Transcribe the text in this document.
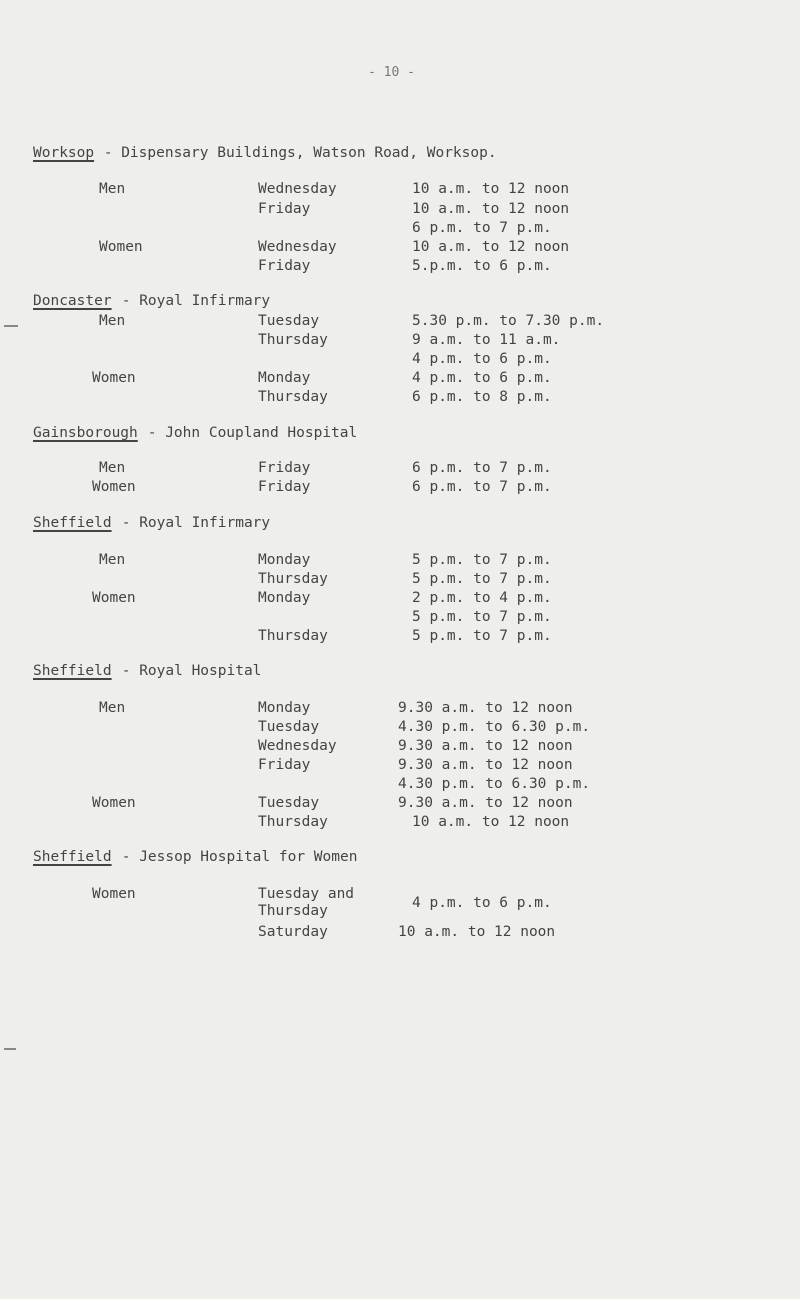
- 10 -
Worksop - Dispensary Buildings, Watson Road, Worksop.
Men	Wednesday	10 a.m. to 12 noon
Friday	10 a.m. to 12 noon
6 p.m. to 7 p.m.
Women	Wednesday	10 a.m. to 12 noon
Friday	5.p.m. to 6 p.m.
Doncaster - Royal Infirmary
Men	Tuesday	5.30 p.m. to 7.30 p.m.
Thursday	9 a.m. to 11 a.m.
4 p.m. to 6 p.m.
Women	Monday	4 p.m. to 6 p.m.
Thursday	6 p.m. to 8 p.m.
Gainsborough - John Coupland Hospital
Men	Friday	6 p.m. to 7 p.m.
Women	Friday	6 p.m. to 7 p.m.
Sheffield - Royal Infirmary
Men	Monday	5 p.m. to 7 p.m.
Thursday	5 p.m. to 7 p.m.
Women	Monday	2 p.m. to 4 p.m.
5 p.m. to 7 p.m.
Thursday	5 p.m. to 7 p.m.
Sheffield - Royal Hospital
Men	Monday	9.30 a.m. to 12 noon
Tuesday	4.30 p.m. to 6.30 p.m.
Wednesday	9.30 a.m. to 12 noon
Friday	9.30 a.m. to 12 noon
4.30 p.m. to 6.30 p.m.
Women	Tuesday	9.30 a.m. to 12 noon
Thursday	10 a.m. to 12 noon
Sheffield - Jessop Hospital for Women
Women	Tuesday and
Thursday	4 p.m. to 6 p.m.
Saturday	10 a.m. to 12 noon
